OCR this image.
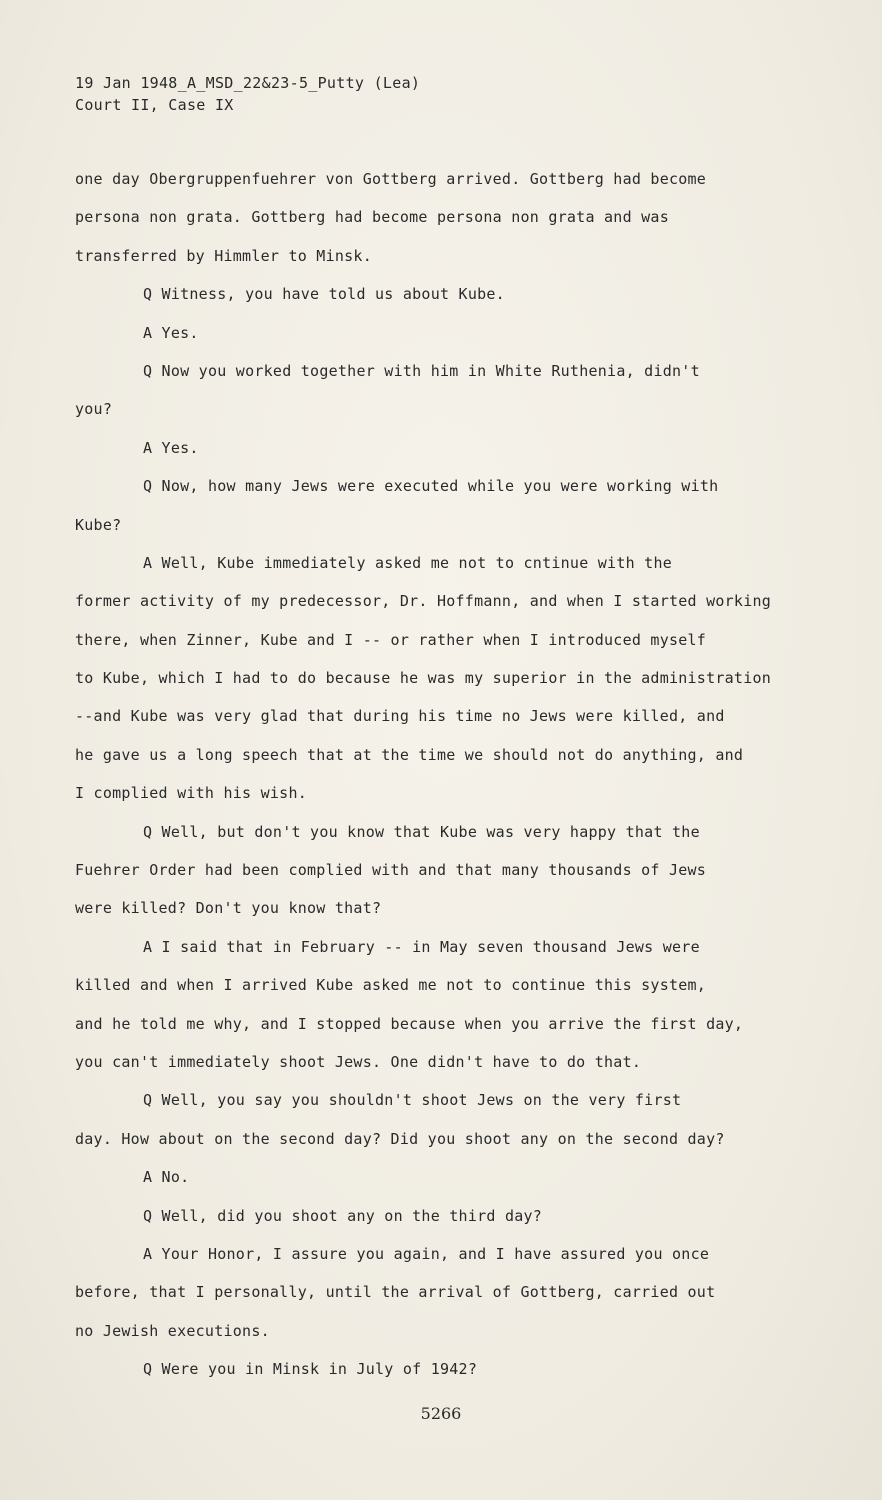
19 Jan 1948_A_MSD_22&23-5_Putty (Lea)
Court II, Case IX
one day Obergruppenfuehrer von Gottberg arrived. Gottberg had become
persona non grata. Gottberg had become persona non grata and was
transferred by Himmler to Minsk.
Q Witness, you have told us about Kube.
A Yes.
Q Now you worked together with him in White Ruthenia, didn't
you?
A Yes.
Q Now, how many Jews were executed while you were working with
Kube?
A Well, Kube immediately asked me not to cntinue with the
former activity of my predecessor, Dr. Hoffmann, and when I started working
there, when Zinner, Kube and I -- or rather when I introduced myself
to Kube, which I had to do because he was my superior in the administration
--and Kube was very glad that during his time no Jews were killed, and
he gave us a long speech that at the time we should not do anything, and
I complied with his wish.
Q Well, but don't you know that Kube was very happy that the
Fuehrer Order had been complied with and that many thousands of Jews
were killed? Don't you know that?
A I said that in February -- in May seven thousand Jews were
killed and when I arrived Kube asked me not to continue this system,
and he told me why, and I stopped because when you arrive the first day,
you can't immediately shoot Jews. One didn't have to do that.
Q Well, you say you shouldn't shoot Jews on the very first
day. How about on the second day? Did you shoot any on the second day?
A No.
Q Well, did you shoot any on the third day?
A Your Honor, I assure you again, and I have assured you once
before, that I personally, until the arrival of Gottberg, carried out
no Jewish executions.
Q Were you in Minsk in July of 1942?
5266
